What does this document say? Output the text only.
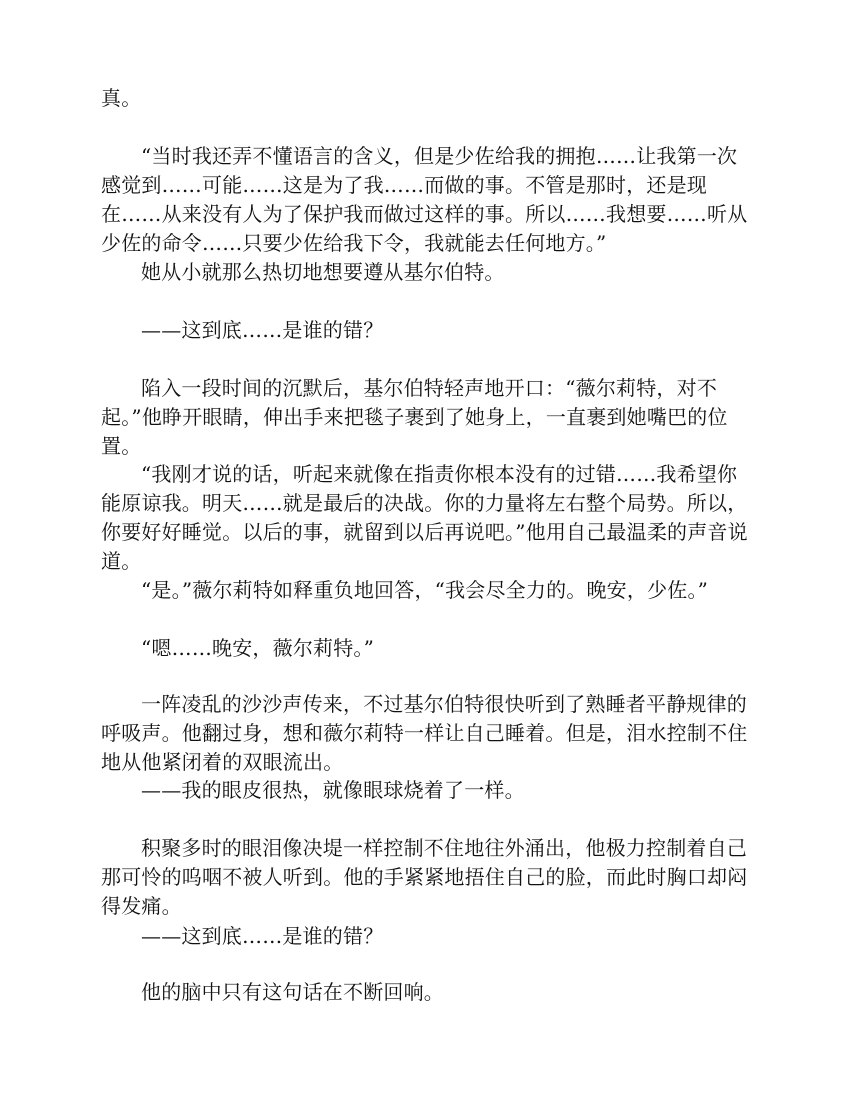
真。

“当时我还弄不懂语言的含义，但是少佐给我的拥抱……让我第一次感觉到……可能……这是为了我……而做的事。不管是那时，还是现在……从来没有人为了保护我而做过这样的事。所以……我想要……听从少佐的命令……只要少佐给我下令，我就能去任何地方。”

她从小就那么热切地想要遵从基尔伯特。

——这到底……是谁的错？

陷入一段时间的沉默后，基尔伯特轻声地开口：“薇尔莉特，对不起。”他睁开眼睛，伸出手来把毯子裹到了她身上，一直裹到她嘴巴的位置。

“我刚才说的话，听起来就像在指责你根本没有的过错……我希望你能原谅我。明天……就是最后的决战。你的力量将左右整个局势。所以，你要好好睡觉。以后的事，就留到以后再说吧。”他用自己最温柔的声音说道。

“是。”薇尔莉特如释重负地回答，“我会尽全力的。晚安，少佐。”

“嗯……晚安，薇尔莉特。”

一阵凌乱的沙沙声传来，不过基尔伯特很快听到了熟睡者平静规律的呼吸声。他翻过身，想和薇尔莉特一样让自己睡着。但是，泪水控制不住地从他紧闭着的双眼流出。

——我的眼皮很热，就像眼球烧着了一样。

积聚多时的眼泪像决堤一样控制不住地往外涌出，他极力控制着自己那可怜的呜咽不被人听到。他的手紧紧地捂住自己的脸，而此时胸口却闷得发痛。

——这到底……是谁的错？

他的脑中只有这句话在不断回响。
